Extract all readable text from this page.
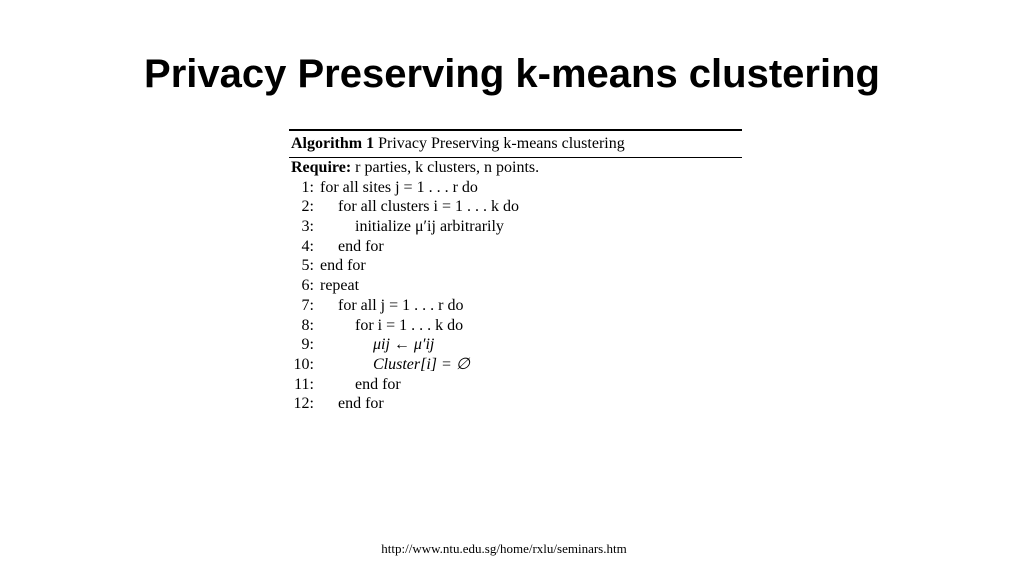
Privacy Preserving k-means clustering
Algorithm 1 Privacy Preserving k-means clustering
Require: r parties, k clusters, n points.
1: for all sites j = 1 . . . r do
2:	for all clusters i = 1 . . . k do
3:	initialize μ′ij arbitrarily
4:	end for
5: end for
6: repeat
7:	for all j = 1 . . . r do
8:	for i = 1 . . . k do
9:	μij ← μ′ij
10:	Cluster[i] = ∅
11:	end for
12:	end for
http://www.ntu.edu.sg/home/rxlu/seminars.htm
